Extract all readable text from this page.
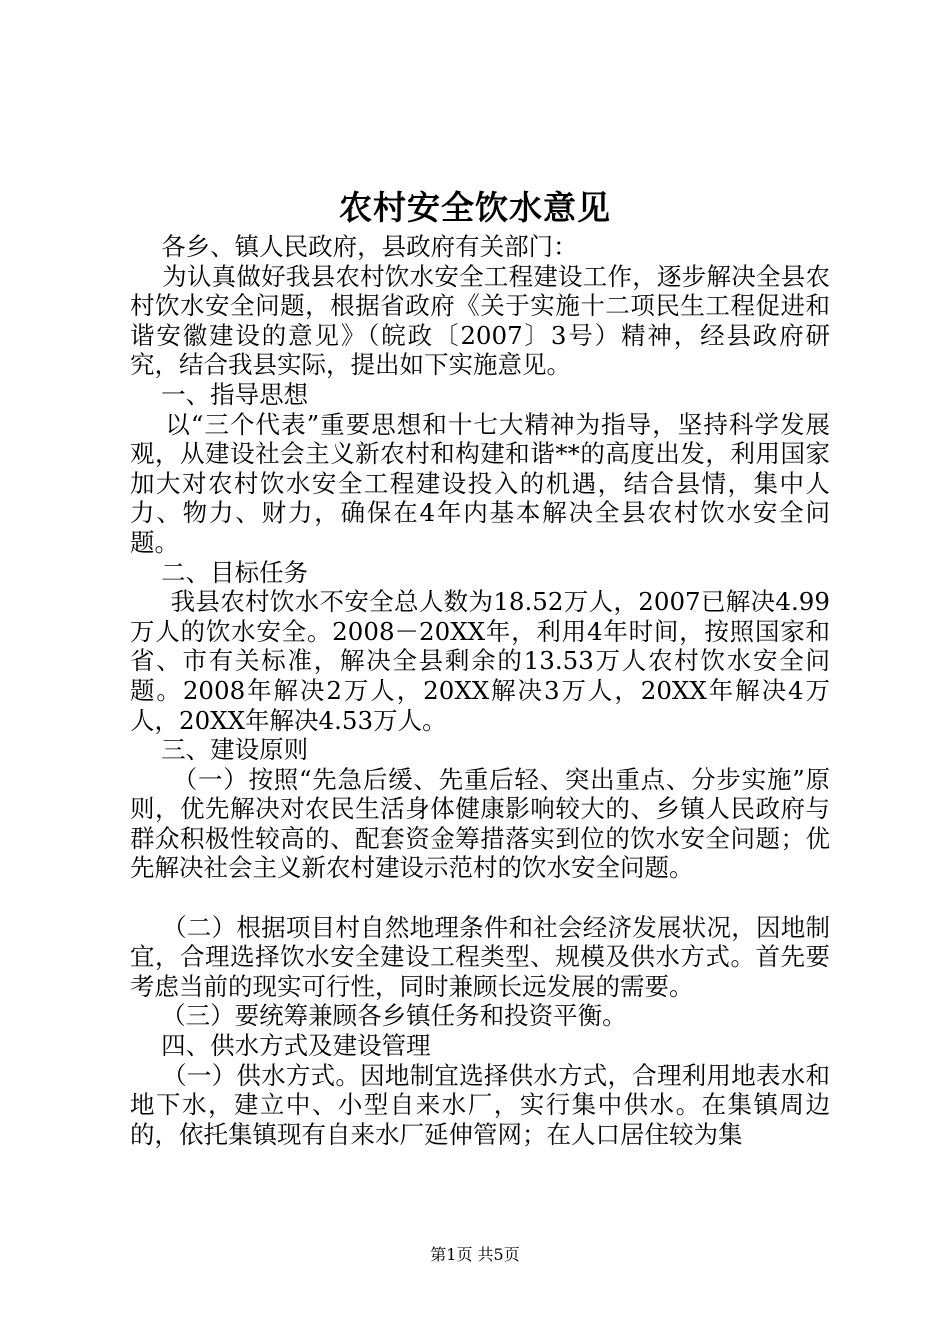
农村安全饮水意见

各乡、镇人民政府，县政府有关部门：

为认真做好我县农村饮水安全工程建设工作，逐步解决全县农村饮水安全问题，根据省政府《关于实施十二项民生工程促进和谐安徽建设的意见》（皖政〔2007〕3号）精神，经县政府研究，结合我县实际，提出如下实施意见。

一、指导思想

以“三个代表”重要思想和十七大精神为指导，坚持科学发展观，从建设社会主义新农村和构建和谐**的高度出发，利用国家加大对农村饮水安全工程建设投入的机遇，结合县情，集中人力、物力、财力，确保在4年内基本解决全县农村饮水安全问题。

二、目标任务

我县农村饮水不安全总人数为18.52万人，2007已解决4.99万人的饮水安全。2008－20XX年，利用4年时间，按照国家和省、市有关标准，解决全县剩余的13.53万人农村饮水安全问题。2008年解决2万人，20XX解决3万人，20XX年解决4万人，20XX年解决4.53万人。

三、建设原则

（一）按照“先急后缓、先重后轻、突出重点、分步实施”原则，优先解决对农民生活身体健康影响较大的、乡镇人民政府与群众积极性较高的、配套资金筹措落实到位的饮水安全问题；优先解决社会主义新农村建设示范村的饮水安全问题。

（二）根据项目村自然地理条件和社会经济发展状况，因地制宜，合理选择饮水安全建设工程类型、规模及供水方式。首先要考虑当前的现实可行性，同时兼顾长远发展的需要。

（三）要统筹兼顾各乡镇任务和投资平衡。

四、供水方式及建设管理

（一）供水方式。因地制宜选择供水方式，合理利用地表水和地下水，建立中、小型自来水厂，实行集中供水。在集镇周边的，依托集镇现有自来水厂延伸管网；在人口居住较为集

第1页 共5页
